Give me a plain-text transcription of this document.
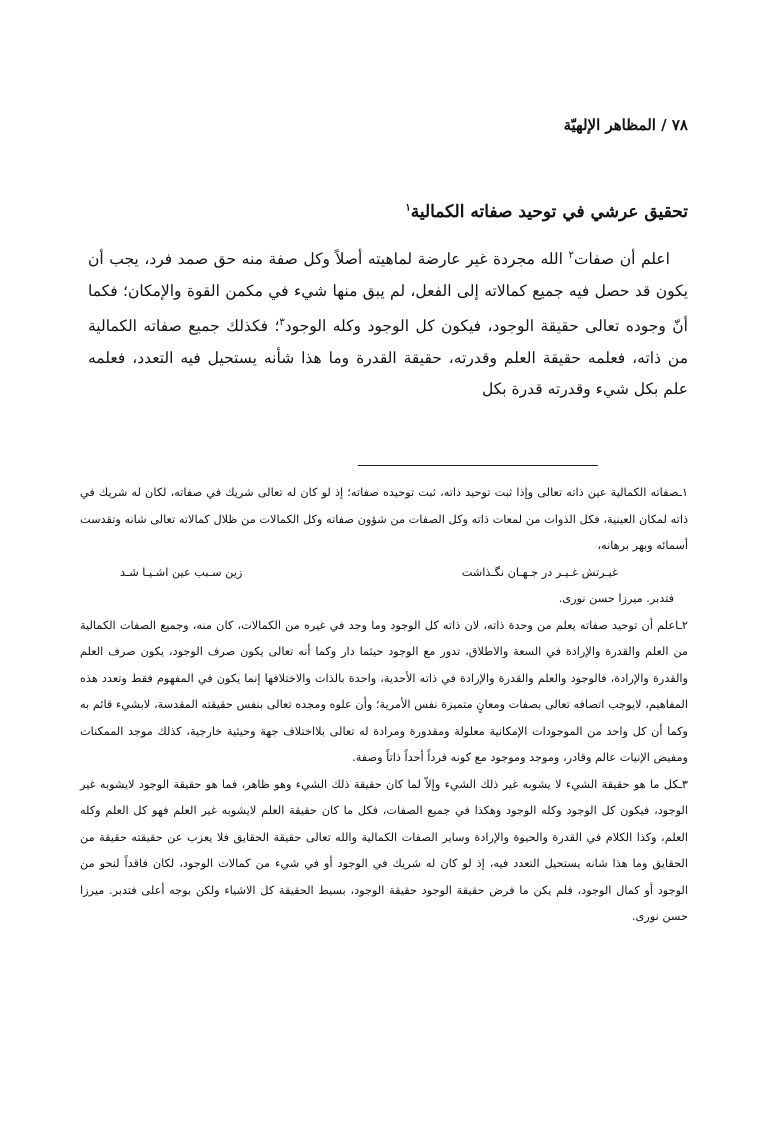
۷۸ / المظاهر الإلهيّة
تحقيق عرشي في توحيد صفاته الكمالية$^۱$

اعلم أن صفات$^۲$ الله مجردة غير عارضة لماهيته أصلاً وكل صفة منه حق صمد فرد، يجب أن يكون قد حصل فيه جميع كمالاته إلى الفعل، لم يبق منها شيء في مكمن القوة والإمكان؛ فكما أنّ وجوده تعالى حقيقة الوجود، فيكون كل الوجود وكله الوجود$^۳$؛ فكذلك جميع صفاته الكمالية من ذاته، فعلمه حقيقة العلم وقدرته، حقيقة القدرة وما هذا شأنه يستحيل فيه التعدد، فعلمه علم بكل شيء وقدرته قدرة بكل

۱ـصفاته الكمالية عين ذاته تعالى وإذا ثبت توحيد ذاته، ثبت توحيده صفاته؛ إذ لو كان له تعالى شريك في صفاته، لكان له شريك في ذاته لمكان العينية، فكل الذوات من لمعات ذاته وكل الصفات من شؤون صفاته وكل الكمالات من ظلال كمالاته تعالى شانه وتقدست أسمائه وبهر برهانه،

غيـرتش غـيـر در جـهـان نگـذاشت
زين سـبب عين اشـيـا شـد

فتدبر. ميرزا حسن نورى.

۲ـاعلم أن توحيد صفاته يعلم من وحدة ذاته، لان ذاته كل الوجود وما وجد في غيره من الكمالات، كان منه، وجميع الصفات الكمالية من العلم والقدرة والإرادة في السعة والاطلاق، تدور مع الوجود حيثما دار وكما أنه تعالى يكون صرف الوجود، يكون صرف العلم والقدرة والإرادة، فالوجود والعلم والقدرة والإرادة في ذاته الأحدية، واحدة بالذات والاختلافها إنما يكون في المفهوم فقط وتعدد هذه المفاهيم، لايوجب اتصافه تعالى بصفات ومعانٍ متميزة نفس الأمرية؛ وأن علوه ومجده تعالى بنفس حقيقته المقدسة، لابشيء قائم به وكما أن كل واحد من الموجودات الإمكانية معلولة ومقدورة ومرادة له تعالى بلااختلاف جهة وحيثية خارجية، كذلك موجد الممكنات ومفيض الإنيات عالم وقادر، وموجد وموجود مع كونه فرداً أحداً ذاتاً وصفة.

۳ـكل ما هو حقيقة الشيء لا يشوبه غير ذلك الشيء وإلاّ لما كان حقيقة ذلك الشيء وهو ظاهر، فما هو حقيقة الوجود لايشوبه غير الوجود، فيكون كل الوجود وكله الوجود وهكذا في جميع الصفات، فكل ما كان حقيقة العلم لايشوبه غير العلم فهو كل العلم وكله العلم، وكذا الكلام في القدرة والحيوة والإرادة وساير الصفات الكمالية والله تعالى حقيقة الحقايق فلا يعزب عن حقيقته حقيقة من الحقايق وما هذا شانه يستحيل التعدد فيه، إذ لو كان له شريك في الوجود أو في شيء من كمالات الوجود، لكان فاقداً لنحو من الوجود أو كمال الوجود، فلم يكن ما فرض حقيقة الوجود حقيقة الوجود، بسيط الحقيقة كل الاشياء ولكن بوجه أعلى فتدبر. ميرزا حسن نورى.
